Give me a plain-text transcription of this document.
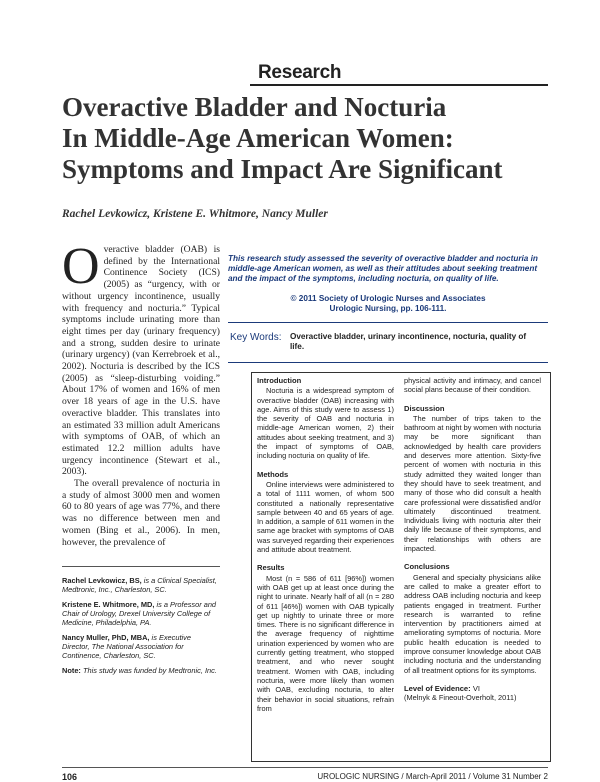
Research
Overactive Bladder and Nocturia
In Middle-Age American Women:
Symptoms and Impact Are Significant
Rachel Levkowicz, Kristene E. Whitmore, Nancy Muller

Overactive bladder (OAB) is defined by the International Continence Society (ICS) (2005) as “urgency, with or without urgency incontinence, usually with frequency and nocturia.” Typical symptoms include urinating more than eight times per day (urinary frequency) and a strong, sudden desire to urinate (urinary urgency) (van Kerrebroek et al., 2002). Nocturia is described by the ICS (2005) as “sleep-disturbing voiding.” About 17% of women and 16% of men over 18 years of age in the U.S. have overactive bladder. This translates into an estimated 33 million adult Americans with symptoms of OAB, of which an estimated 12.2 million adults have urgency incontinence (Stewart et al., 2003).

The overall prevalence of nocturia in a study of almost 3000 men and women 60 to 80 years of age was 77%, and there was no difference between men and women (Bing et al., 2006). In men, however, the prevalence of

This research study assessed the severity of overactive bladder and nocturia in middle-age American women, as well as their attitudes about seeking treatment and the impact of the symptoms, including nocturia, on quality of life.
© 2011 Society of Urologic Nurses and Associates
Urologic Nursing, pp. 106-111.
Key Words: Overactive bladder, urinary incontinence, nocturia, quality of life.
Introduction

Nocturia is a widespread symptom of overactive bladder (OAB) increasing with age. Aims of this study were to assess 1) the severity of OAB and nocturia in middle-age American women, 2) their attitudes about seeking treatment, and 3) the impact of symptoms of OAB, including nocturia on quality of life.

Methods

Online interviews were administered to a total of 1111 women, of whom 500 constituted a nationally representative sample between 40 and 65 years of age. In addition, a sample of 611 women in the same age bracket with symptoms of OAB was surveyed regarding their experiences and attitude about treatment.

Results

Most (n = 586 of 611 [96%]) women with OAB get up at least once during the night to urinate. Nearly half of all (n = 280 of 611 [46%]) women with OAB typically get up nightly to urinate three or more times. There is no significant difference in the average frequency of nighttime urination experienced by women who are currently getting treatment, who stopped treatment, and who never sought treatment. Women with OAB, including nocturia, were more likely than women with OAB, excluding nocturia, to alter their behavior in social situations, refrain from

physical activity and intimacy, and cancel social plans because of their condition.

Discussion

The number of trips taken to the bathroom at night by women with nocturia may be more significant than acknowledged by health care providers and deserves more attention. Sixty-five percent of women with nocturia in this study admitted they waited longer than they should have to seek treatment, and many of those who did consult a health care professional were dissatisfied and/or ultimately discontinued treatment. Individuals living with nocturia alter their daily life because of their symptoms, and their relationships with others are impacted.

Conclusions

General and specialty physicians alike are called to make a greater effort to address OAB including nocturia and keep patients engaged in treatment. Further research is warranted to refine intervention by practitioners aimed at ameliorating symptoms of nocturia. More public health education is needed to improve consumer knowledge about OAB including nocturia and the understanding of all treatment options for its symptoms.

Level of Evidence: VI

(Melnyk & Fineout-Overholt, 2011)

Rachel Levkowicz, BS, is a Clinical Specialist, Medtronic, Inc., Charleston, SC.

Kristene E. Whitmore, MD, is a Professor and Chair of Urology, Drexel University College of Medicine, Philadelphia, PA.

Nancy Muller, PhD, MBA, is Executive Director, The National Association for Continence, Charleston, SC.

Note: This study was funded by Medtronic, Inc.

106	UROLOGIC NURSING / March-April 2011 / Volume 31 Number 2
